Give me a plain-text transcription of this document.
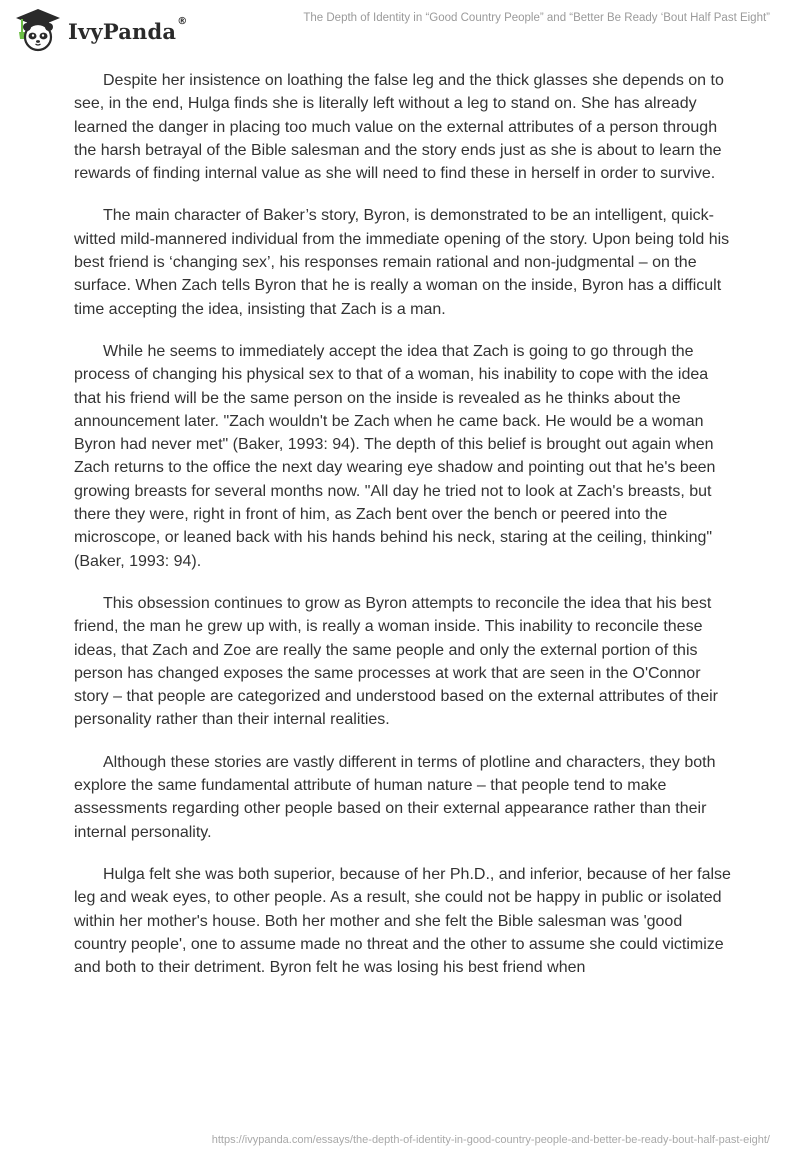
IvyPanda®	The Depth of Identity in “Good Country People” and “Better Be Ready ‘Bout Half Past Eight”

Despite her insistence on loathing the false leg and the thick glasses she depends on to see, in the end, Hulga finds she is literally left without a leg to stand on. She has already learned the danger in placing too much value on the external attributes of a person through the harsh betrayal of the Bible salesman and the story ends just as she is about to learn the rewards of finding internal value as she will need to find these in herself in order to survive.

The main character of Baker’s story, Byron, is demonstrated to be an intelligent, quick-witted mild-mannered individual from the immediate opening of the story. Upon being told his best friend is ‘changing sex’, his responses remain rational and non-judgmental – on the surface. When Zach tells Byron that he is really a woman on the inside, Byron has a difficult time accepting the idea, insisting that Zach is a man.

While he seems to immediately accept the idea that Zach is going to go through the process of changing his physical sex to that of a woman, his inability to cope with the idea that his friend will be the same person on the inside is revealed as he thinks about the announcement later. "Zach wouldn't be Zach when he came back. He would be a woman Byron had never met" (Baker, 1993: 94). The depth of this belief is brought out again when Zach returns to the office the next day wearing eye shadow and pointing out that he's been growing breasts for several months now. "All day he tried not to look at Zach's breasts, but there they were, right in front of him, as Zach bent over the bench or peered into the microscope, or leaned back with his hands behind his neck, staring at the ceiling, thinking" (Baker, 1993: 94).

This obsession continues to grow as Byron attempts to reconcile the idea that his best friend, the man he grew up with, is really a woman inside. This inability to reconcile these ideas, that Zach and Zoe are really the same people and only the external portion of this person has changed exposes the same processes at work that are seen in the O'Connor story – that people are categorized and understood based on the external attributes of their personality rather than their internal realities.

Although these stories are vastly different in terms of plotline and characters, they both explore the same fundamental attribute of human nature – that people tend to make assessments regarding other people based on their external appearance rather than their internal personality.

Hulga felt she was both superior, because of her Ph.D., and inferior, because of her false leg and weak eyes, to other people. As a result, she could not be happy in public or isolated within her mother's house. Both her mother and she felt the Bible salesman was 'good country people', one to assume made no threat and the other to assume she could victimize and both to their detriment. Byron felt he was losing his best friend when

https://ivypanda.com/essays/the-depth-of-identity-in-good-country-people-and-better-be-ready-bout-half-past-eight/
